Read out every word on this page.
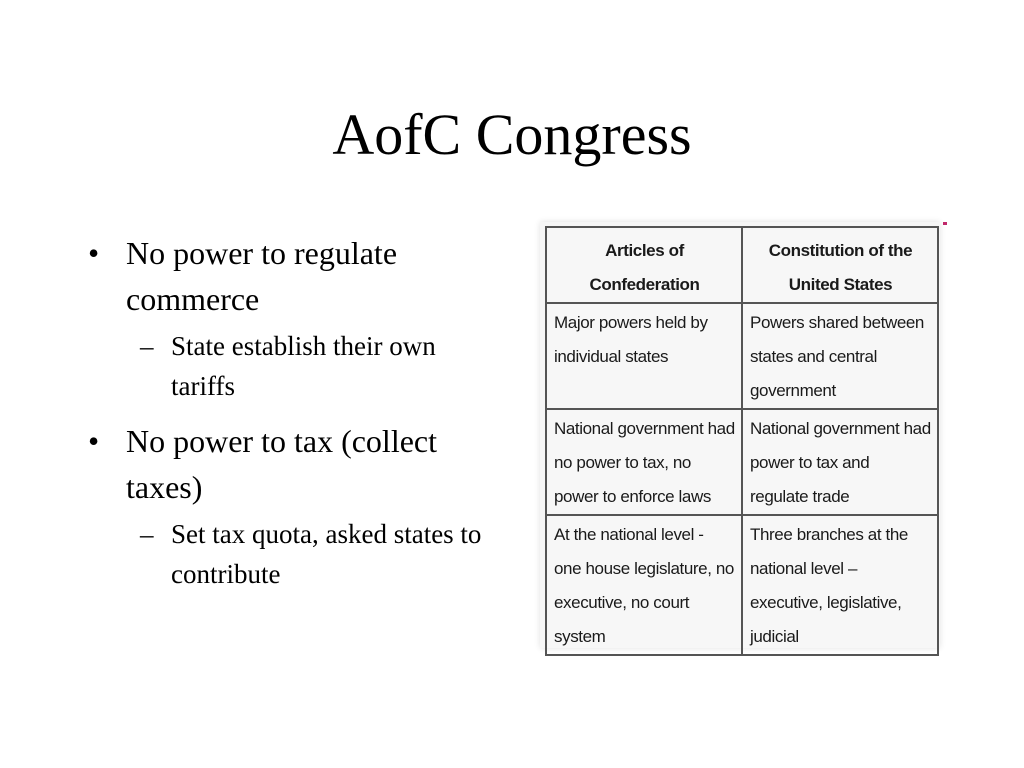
AofC Congress
• No power to regulate commerce
– State establish their own tariffs
• No power to tax (collect taxes)
– Set tax quota, asked states to contribute
Articles of Confederation	Constitution of the United States

Major powers held by individual states	Powers shared between states and central government

National government had no power to tax, no power to enforce laws	National government had power to tax and regulate trade

At the national level - one house legislature, no executive, no court system	Three branches at the national level – executive, legislative, judicial
